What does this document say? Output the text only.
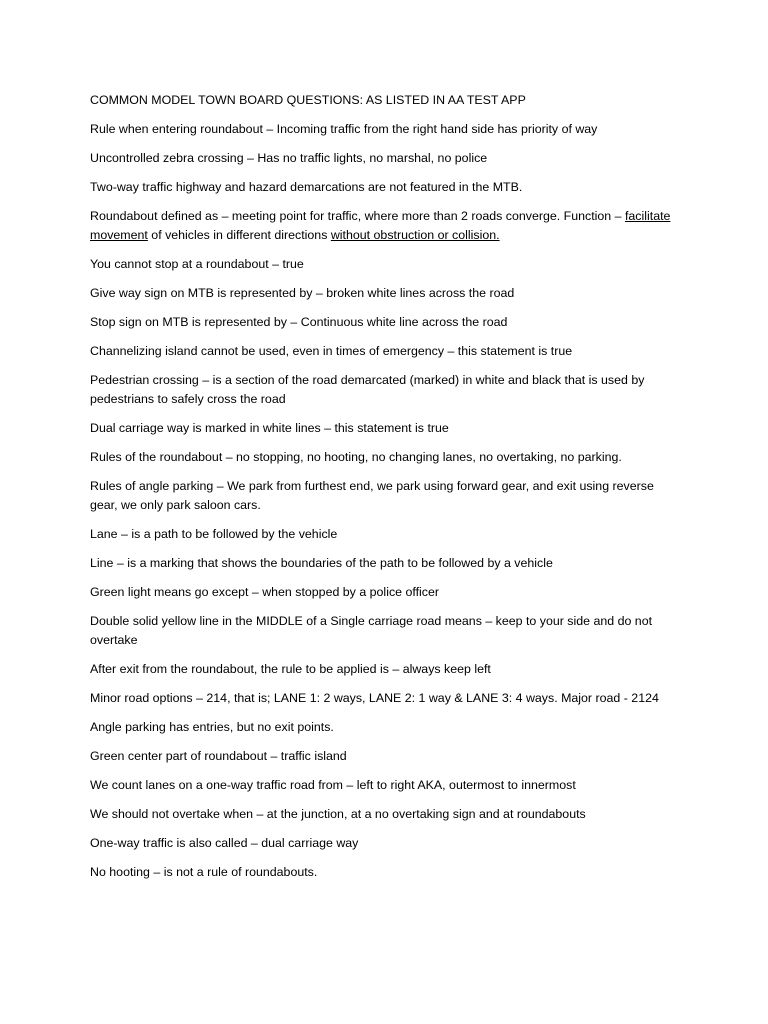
COMMON MODEL TOWN BOARD QUESTIONS: AS LISTED IN AA TEST APP
Rule when entering roundabout – Incoming traffic from the right hand side has priority of way
Uncontrolled zebra crossing – Has no traffic lights, no marshal, no police
Two-way traffic highway and hazard demarcations are not featured in the MTB.
Roundabout defined as – meeting point for traffic, where more than 2 roads converge. Function – facilitate movement of vehicles in different directions without obstruction or collision.
You cannot stop at a roundabout – true
Give way sign on MTB is represented by – broken white lines across the road
Stop sign on MTB is represented by – Continuous white line across the road
Channelizing island cannot be used, even in times of emergency – this statement is true
Pedestrian crossing – is a section of the road demarcated (marked) in white and black that is used by pedestrians to safely cross the road
Dual carriage way is marked in white lines – this statement is true
Rules of the roundabout – no stopping, no hooting, no changing lanes, no overtaking, no parking.
Rules of angle parking – We park from furthest end, we park using forward gear, and exit using reverse gear, we only park saloon cars.
Lane – is a path to be followed by the vehicle
Line – is a marking that shows the boundaries of the path to be followed by a vehicle
Green light means go except – when stopped by a police officer
Double solid yellow line in the MIDDLE of a Single carriage road means – keep to your side and do not overtake
After exit from the roundabout, the rule to be applied is – always keep left
Minor road options – 214, that is; LANE 1: 2 ways, LANE 2: 1 way & LANE 3: 4 ways. Major road - 2124
Angle parking has entries, but no exit points.
Green center part of roundabout – traffic island
We count lanes on a one-way traffic road from – left to right AKA, outermost to innermost
We should not overtake when – at the junction, at a no overtaking sign and at roundabouts
One-way traffic is also called – dual carriage way
No hooting – is not a rule of roundabouts.
